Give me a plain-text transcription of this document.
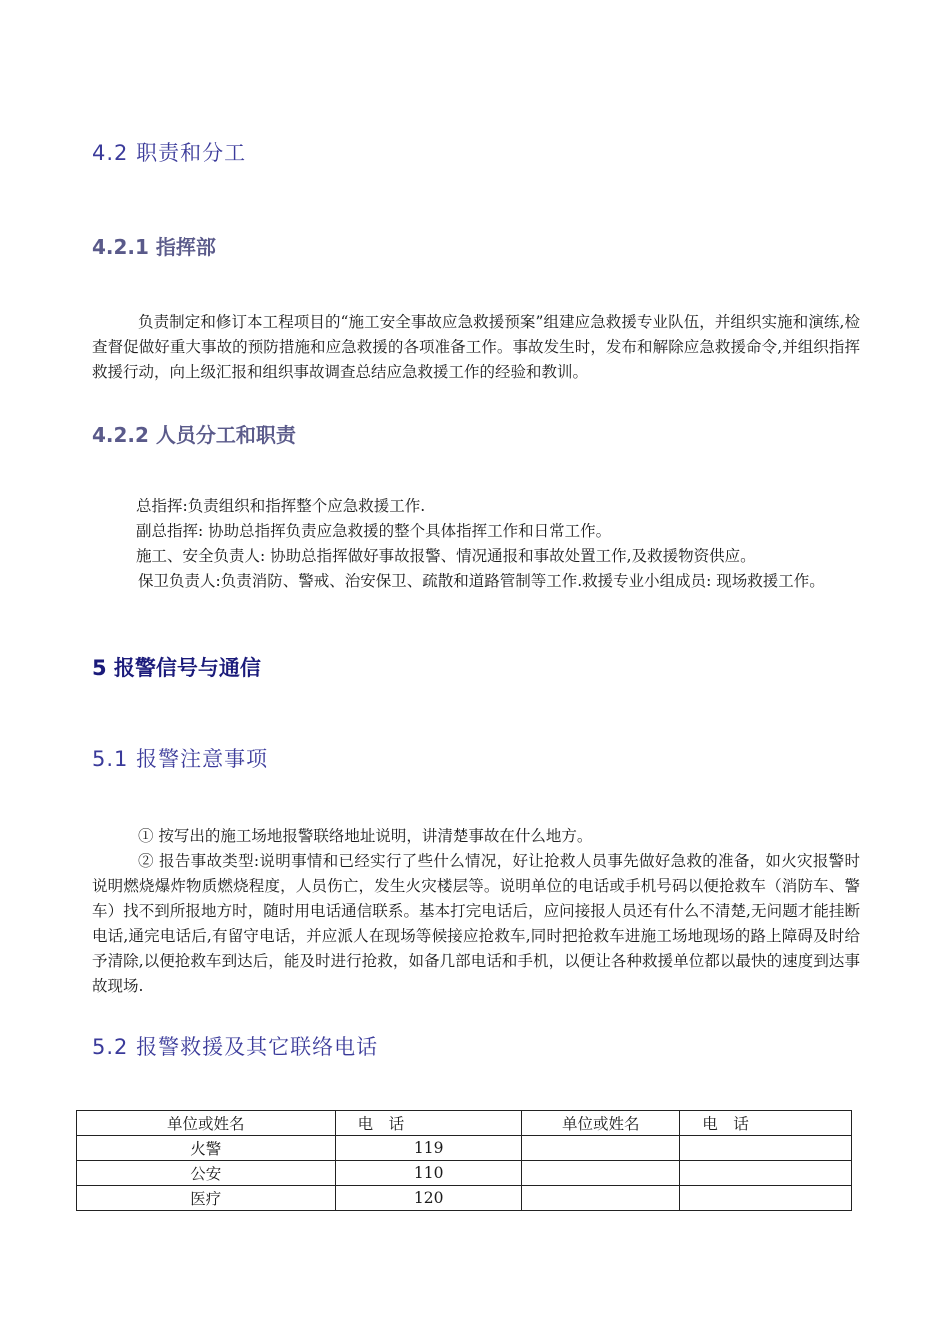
4.2 职责和分工
4.2.1 指挥部

负责制定和修订本工程项目的“施工安全事故应急救援预案”组建应急救援专业队伍，并组织实施和演练,检查督促做好重大事故的预防措施和应急救援的各项准备工作。事故发生时，发布和解除应急救援命令,并组织指挥救援行动，向上级汇报和组织事故调查总结应急救援工作的经验和教训。

4.2.2 人员分工和职责

总指挥:负责组织和指挥整个应急救援工作.

副总指挥: 协助总指挥负责应急救援的整个具体指挥工作和日常工作。

施工、安全负责人: 协助总指挥做好事故报警、情况通报和事故处置工作,及救援物资供应。

保卫负责人:负责消防、警戒、治安保卫、疏散和道路管制等工作.救援专业小组成员: 现场救援工作。

5 报警信号与通信
5.1 报警注意事项

① 按写出的施工场地报警联络地址说明，讲清楚事故在什么地方。

② 报告事故类型:说明事情和已经实行了些什么情况，好让抢救人员事先做好急救的准备，如火灾报警时说明燃烧爆炸物质燃烧程度，人员伤亡，发生火灾楼层等。说明单位的电话或手机号码以便抢救车（消防车、警车）找不到所报地方时，随时用电话通信联系。基本打完电话后，应问接报人员还有什么不清楚,无问题才能挂断电话,通完电话后,有留守电话，并应派人在现场等候接应抢救车,同时把抢救车进施工场地现场的路上障碍及时给予清除,以便抢救车到达后，能及时进行抢救，如备几部电话和手机，以便让各种救援单位都以最快的速度到达事故现场.

5.2 报警救援及其它联络电话
单位或姓名	电　话	单位或姓名	电　话
火警	119		
公安	110		
医疗	120		
